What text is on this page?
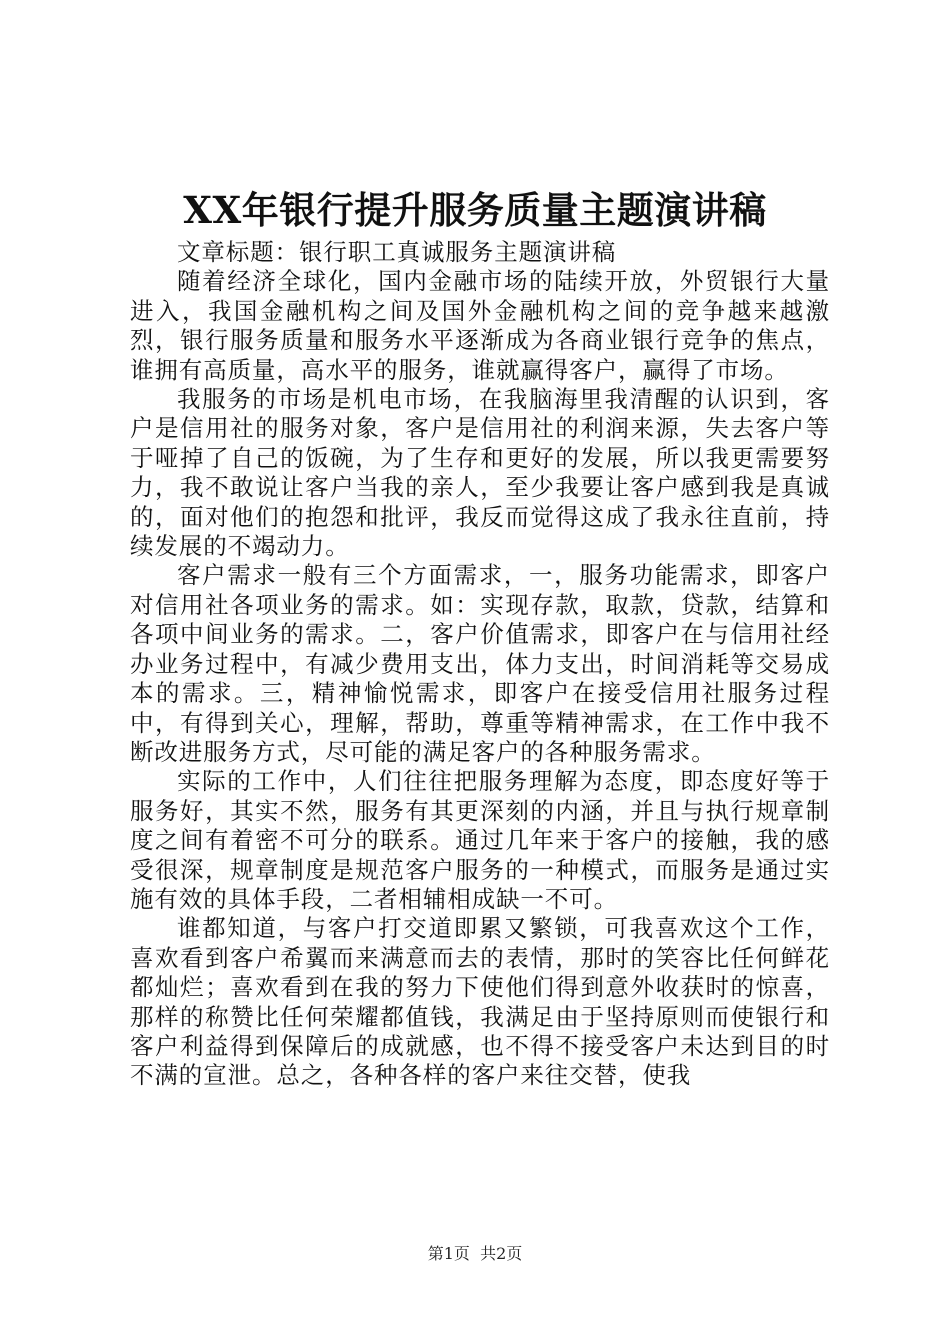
XX年银行提升服务质量主题演讲稿

文章标题：银行职工真诚服务主题演讲稿

随着经济全球化，国内金融市场的陆续开放，外贸银行大量进入，我国金融机构之间及国外金融机构之间的竞争越来越激烈，银行服务质量和服务水平逐渐成为各商业银行竞争的焦点，谁拥有高质量，高水平的服务，谁就赢得客户，赢得了市场。

我服务的市场是机电市场，在我脑海里我清醒的认识到，客户是信用社的服务对象，客户是信用社的利润来源，失去客户等于哑掉了自己的饭碗，为了生存和更好的发展，所以我更需要努力，我不敢说让客户当我的亲人，至少我要让客户感到我是真诚的，面对他们的抱怨和批评，我反而觉得这成了我永往直前，持续发展的不竭动力。

客户需求一般有三个方面需求，一，服务功能需求，即客户对信用社各项业务的需求。如：实现存款，取款，贷款，结算和各项中间业务的需求。二，客户价值需求，即客户在与信用社经办业务过程中，有减少费用支出，体力支出，时间消耗等交易成本的需求。三，精神愉悦需求，即客户在接受信用社服务过程中，有得到关心，理解，帮助，尊重等精神需求，在工作中我不断改进服务方式，尽可能的满足客户的各种服务需求。

实际的工作中，人们往往把服务理解为态度，即态度好等于服务好，其实不然，服务有其更深刻的内涵，并且与执行规章制度之间有着密不可分的联系。通过几年来于客户的接触，我的感受很深，规章制度是规范客户服务的一种模式，而服务是通过实施有效的具体手段，二者相辅相成缺一不可。

谁都知道，与客户打交道即累又繁锁，可我喜欢这个工作，喜欢看到客户希翼而来满意而去的表情，那时的笑容比任何鲜花都灿烂；喜欢看到在我的努力下使他们得到意外收获时的惊喜，那样的称赞比任何荣耀都值钱，我满足由于坚持原则而使银行和客户利益得到保障后的成就感，也不得不接受客户未达到目的时不满的宣泄。总之，各种各样的客户来往交替，使我

第1页 共2页
